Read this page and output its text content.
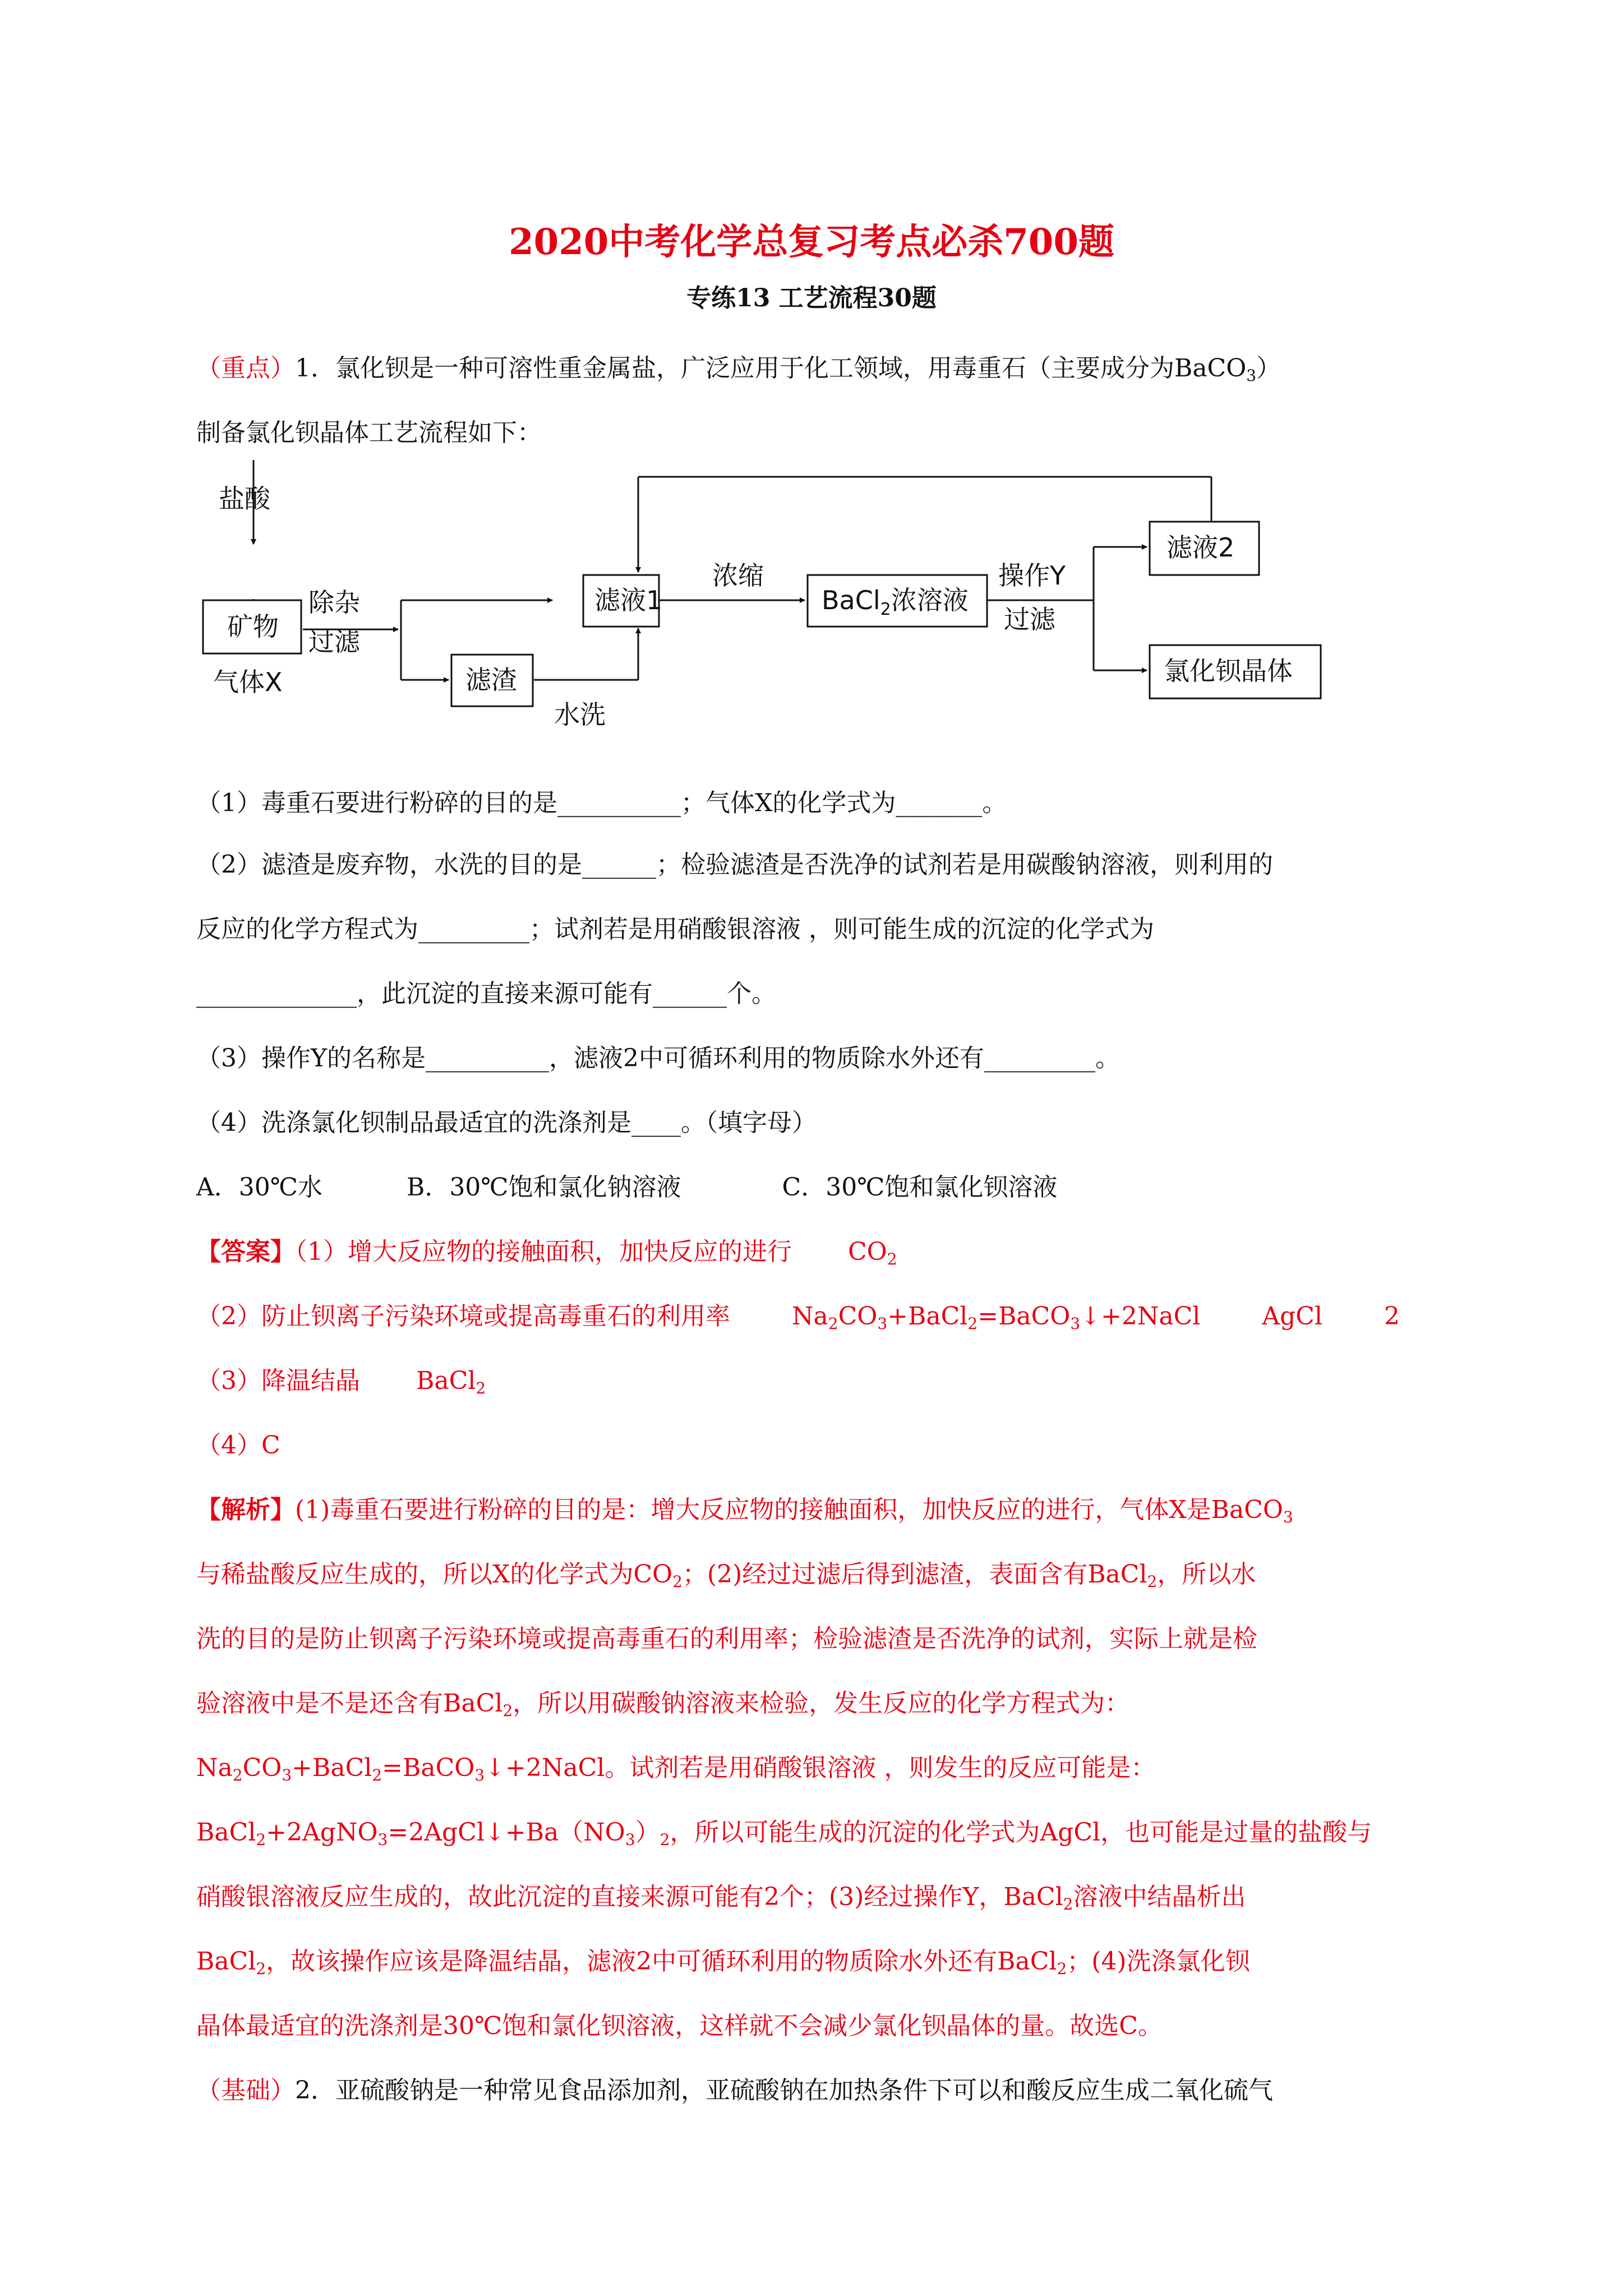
2020中考化学总复习考点必杀700题
专练13 工艺流程30题
（重点）1．氯化钡是一种可溶性重金属盐，广泛应用于化工领域，用毒重石（主要成分为BaCO$_3$）
制备氯化钡晶体工艺流程如下：
盐酸
矿物
气体X
除杂
过滤
滤渣
水洗
滤液1
浓缩
BaCl$_2$浓溶液
操作Y
过滤
滤液2
氯化钡晶体
（1）毒重石要进行粉碎的目的是__________；气体X的化学式为_______。
（2）滤渣是废弃物，水洗的目的是______；检验滤渣是否洗净的试剂若是用碳酸钠溶液，则利用的
反应的化学方程式为_________；试剂若是用硝酸银溶液 ，则可能生成的沉淀的化学式为
_____________，此沉淀的直接来源可能有______个。
（3）操作Y的名称是__________，滤液2中可循环利用的物质除水外还有_________。
（4）洗涤氯化钡制品最适宜的洗涤剂是____。（填字母）
A．30℃水	B．30℃饱和氯化钠溶液	C．30℃饱和氯化钡溶液
【答案】（1）增大反应物的接触面积，加快反应的进行 $CO_2$
（2）防止钡离子污染环境或提高毒重石的利用率	$Na_2CO_3+BaCl_2=BaCO_3↓+2NaCl$	AgCl	2
（3）降温结晶 BaCl$_2$
（4）C
【解析】(1)毒重石要进行粉碎的目的是：增大反应物的接触面积，加快反应的进行，气体X是BaCO$_3$
与稀盐酸反应生成的，所以X的化学式为$CO_2$；(2)经过过滤后得到滤渣，表面含有BaCl$_2$，所以水
洗的目的是防止钡离子污染环境或提高毒重石的利用率；检验滤渣是否洗净的试剂，实际上就是检
验溶液中是不是还含有BaCl$_2$，所以用碳酸钠溶液来检验，发生反应的化学方程式为：
$Na_2CO_3+BaCl_2=BaCO_3↓+2NaCl$。试剂若是用硝酸银溶液 ，则发生的反应可能是：
$BaCl_2+2AgNO_3=2AgCl↓+Ba(NO_3)_2$，所以可能生成的沉淀的化学式为AgCl，也可能是过量的盐酸与
硝酸银溶液反应生成的，故此沉淀的直接来源可能有2个；(3)经过操作Y，BaCl$_2$溶液中结晶析出
BaCl$_2$，故该操作应该是降温结晶，滤液2中可循环利用的物质除水外还有BaCl$_2$；(4)洗涤氯化钡
晶体最适宜的洗涤剂是30℃饱和氯化钡溶液，这样就不会减少氯化钡晶体的量。故选C。
（基础）2．亚硫酸钠是一种常见食品添加剂，亚硫酸钠在加热条件下可以和酸反应生成二氧化硫气
